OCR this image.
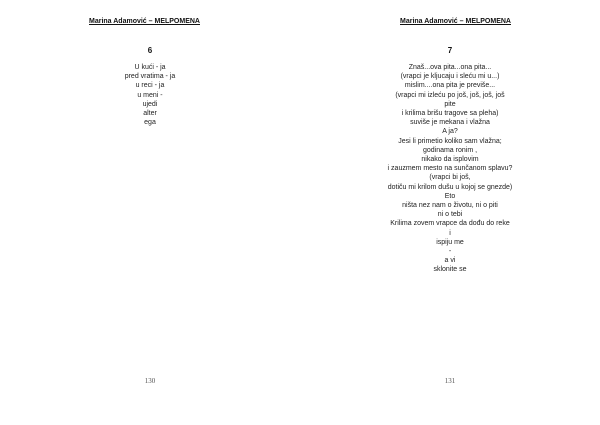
Marina Adamović – MELPOMENA
6
U kući - ja
pred vratima - ja
u reci - ja
u meni -
ujedi
alter
ega
130
Marina Adamović – MELPOMENA
7
Znaš...ova pita...ona pita...
(vrapci je kljucaju i sleću mi u...)
mislim....ona pita je previše...
(vrapci mi izleću po još, još, još, još
pite
i krilima brišu tragove sa pleha)
suviše je mekana i vlažna
A ja?
Jesi li primetio koliko sam vlažna;
godinama ronim ,
nikako da isplovim
i zauzmem mesto na sunčanom splavu?
(vrapci bi još,
dotiču mi krilom dušu u kojoj se gnezde)
Eto
ništa nez nam o životu, ni o piti
ni o tebi
Krilima zovem vrapce da dođu do reke
i
ispiju me
-
a vi
sklonite se
131
